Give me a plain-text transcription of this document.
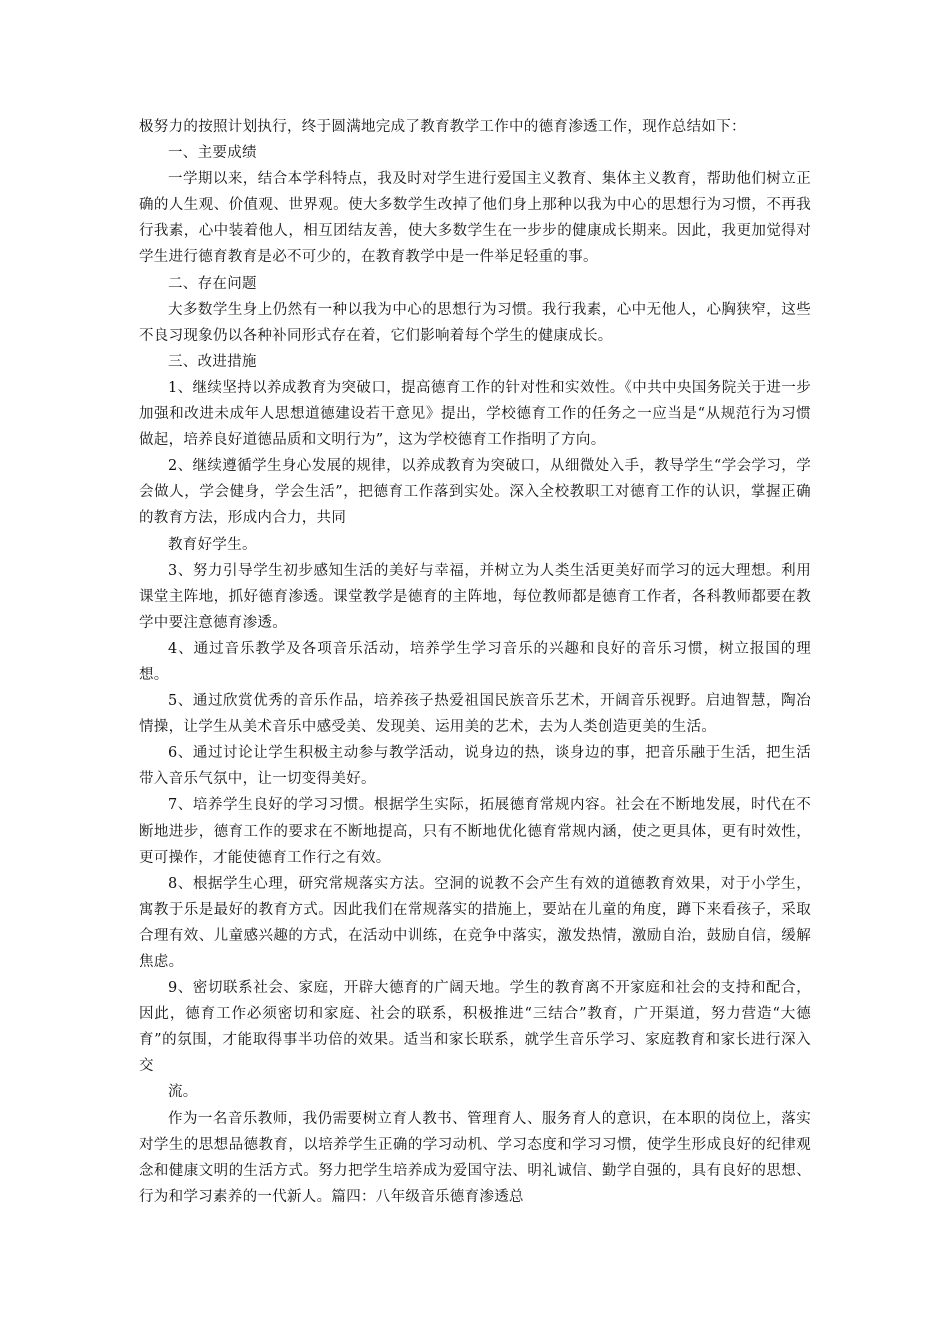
极努力的按照计划执行，终于圆满地完成了教育教学工作中的德育渗透工作，现作总结如下：

一、主要成绩

一学期以来，结合本学科特点，我及时对学生进行爱国主义教育、集体主义教育，帮助他们树立正确的人生观、价值观、世界观。使大多数学生改掉了他们身上那种以我为中心的思想行为习惯，不再我行我素，心中装着他人，相互团结友善，使大多数学生在一步步的健康成长期来。因此，我更加觉得对学生进行德育教育是必不可少的，在教育教学中是一件举足轻重的事。

二、存在问题

大多数学生身上仍然有一种以我为中心的思想行为习惯。我行我素，心中无他人，心胸狭窄，这些不良习现象仍以各种补同形式存在着，它们影响着每个学生的健康成长。

三、改进措施

1、继续坚持以养成教育为突破口，提高德育工作的针对性和实效性。《中共中央国务院关于进一步加强和改进未成年人思想道德建设若干意见》提出，学校德育工作的任务之一应当是“从规范行为习惯做起，培养良好道德品质和文明行为”，这为学校德育工作指明了方向。

2、继续遵循学生身心发展的规律，以养成教育为突破口，从细微处入手，教导学生“学会学习，学会做人，学会健身，学会生活”，把德育工作落到实处。深入全校教职工对德育工作的认识，掌握正确的教育方法，形成内合力，共同

教育好学生。

3、努力引导学生初步感知生活的美好与幸福，并树立为人类生活更美好而学习的远大理想。利用课堂主阵地，抓好德育渗透。课堂教学是德育的主阵地，每位教师都是德育工作者，各科教师都要在教学中要注意德育渗透。

4、通过音乐教学及各项音乐活动，培养学生学习音乐的兴趣和良好的音乐习惯，树立报国的理想。

5、通过欣赏优秀的音乐作品，培养孩子热爱祖国民族音乐艺术，开阔音乐视野。启迪智慧，陶冶情操，让学生从美术音乐中感受美、发现美、运用美的艺术，去为人类创造更美的生活。

6、通过讨论让学生积极主动参与教学活动，说身边的热，谈身边的事，把音乐融于生活，把生活带入音乐气氛中，让一切变得美好。

7、培养学生良好的学习习惯。根据学生实际，拓展德育常规内容。社会在不断地发展，时代在不断地进步，德育工作的要求在不断地提高，只有不断地优化德育常规内涵，使之更具体，更有时效性，更可操作，才能使德育工作行之有效。

8、根据学生心理，研究常规落实方法。空洞的说教不会产生有效的道德教育效果，对于小学生，寓教于乐是最好的教育方式。因此我们在常规落实的措施上，要站在儿童的角度，蹲下来看孩子，采取合理有效、儿童感兴趣的方式，在活动中训练，在竞争中落实，激发热情，激励自治，鼓励自信，缓解焦虑。

9、密切联系社会、家庭，开辟大德育的广阔天地。学生的教育离不开家庭和社会的支持和配合，因此，德育工作必须密切和家庭、社会的联系，积极推进“三结合”教育，广开渠道，努力营造“大德育”的氛围，才能取得事半功倍的效果。适当和家长联系，就学生音乐学习、家庭教育和家长进行深入交

流。

作为一名音乐教师，我仍需要树立育人教书、管理育人、服务育人的意识，在本职的岗位上，落实对学生的思想品德教育，以培养学生正确的学习动机、学习态度和学习习惯，使学生形成良好的纪律观念和健康文明的生活方式。努力把学生培养成为爱国守法、明礼诚信、勤学自强的，具有良好的思想、行为和学习素养的一代新人。篇四：八年级音乐德育渗透总
